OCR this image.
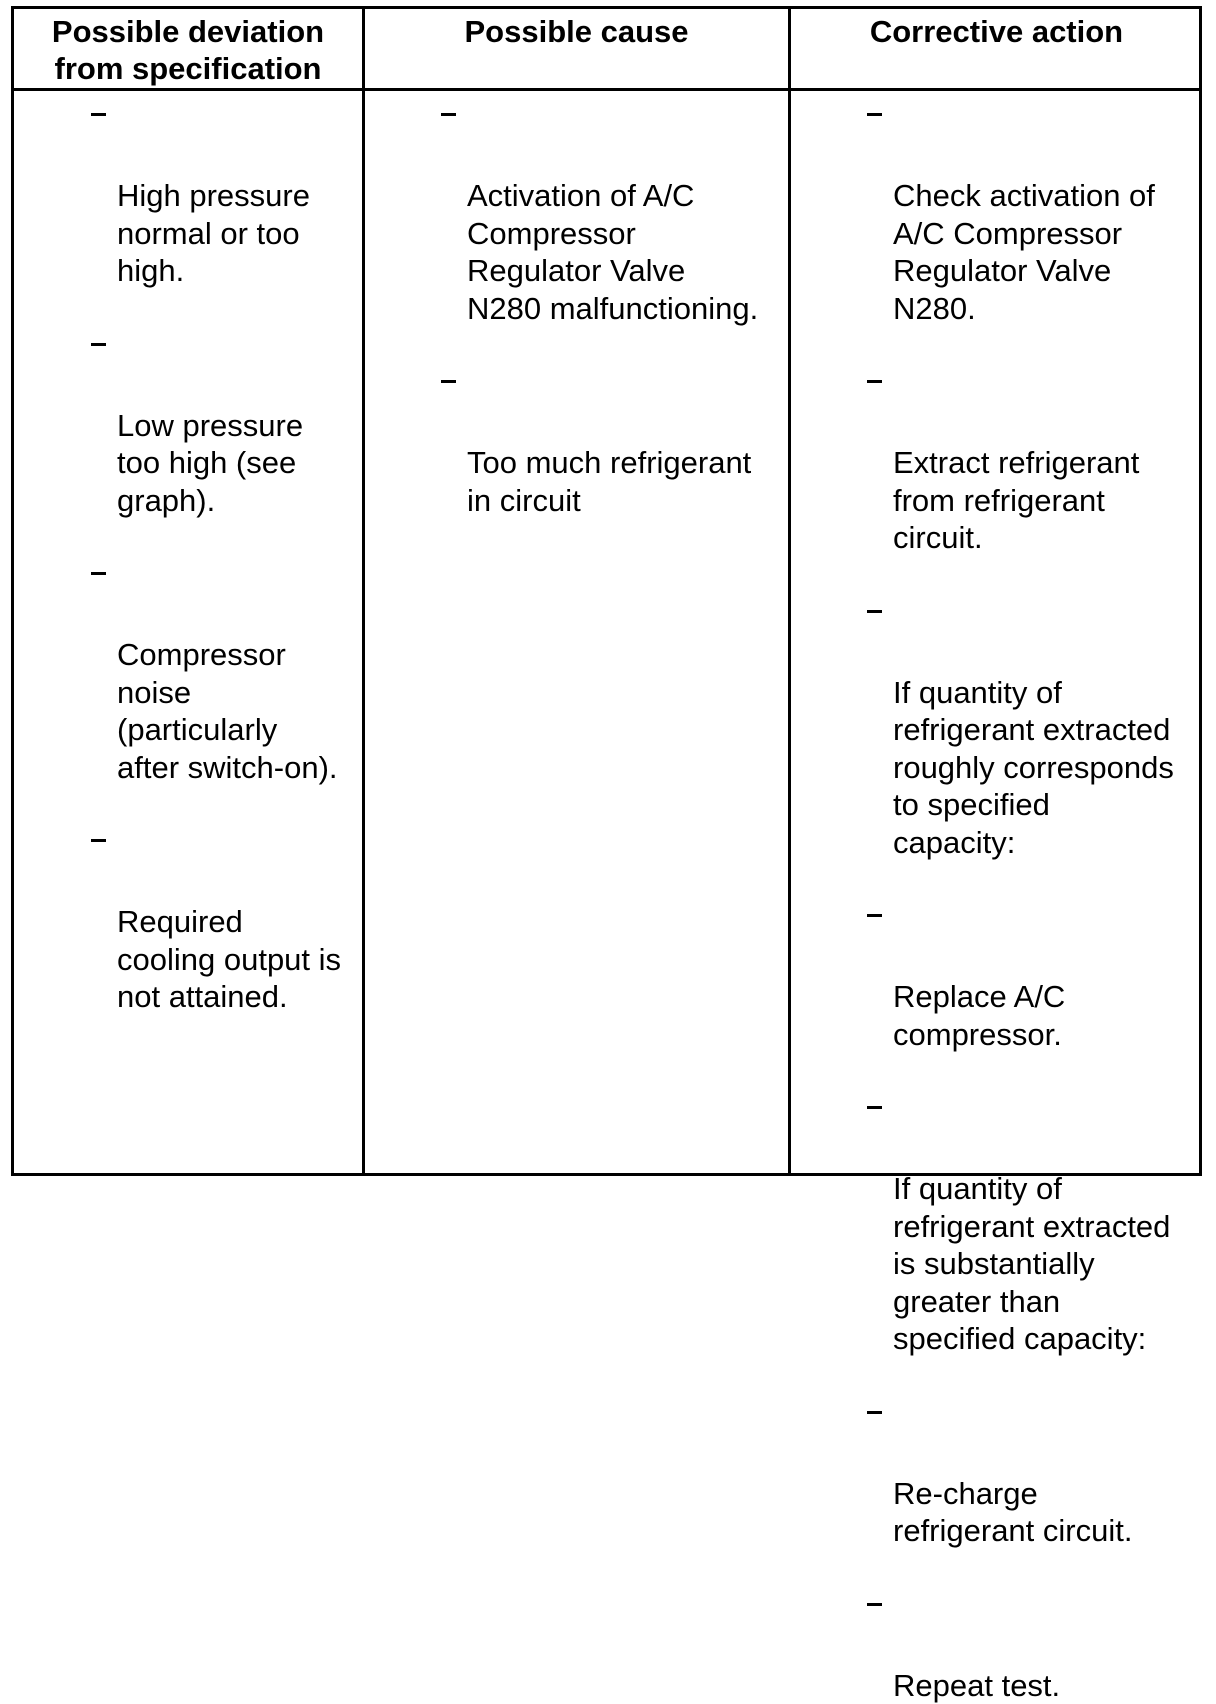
Possible deviation
from specification
Possible cause	Corrective action

High pressure
normal or too
high.

Low pressure
too high (see
graph).

Compressor
noise
(particularly
after switch-on).

Required
cooling output is
not attained.

Activation of A/C
Compressor
Regulator Valve
N280 malfunctioning.

Too much refrigerant
in circuit

Check activation of
A/C Compressor
Regulator Valve
N280.

Extract refrigerant
from refrigerant
circuit.

If quantity of
refrigerant extracted
roughly corresponds
to specified
capacity:

Replace A/C
compressor.

If quantity of
refrigerant extracted
is substantially
greater than
specified capacity:

Re-charge
refrigerant circuit.

Repeat test.
